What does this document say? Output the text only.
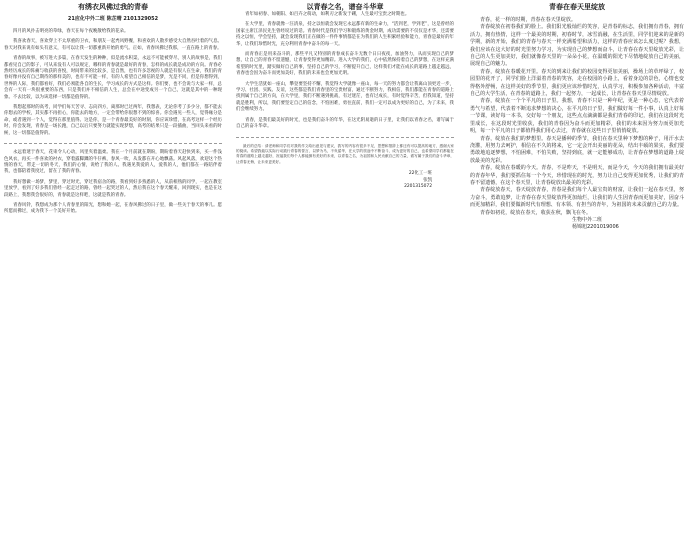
有绣衣风佛过我的青春
21应化中外二班 陈芷晴 2101329052

四月的风扑击明亮的草绿，春天在每个夜晚散给我的花朵。

我喜欢春天，喜欢穿上不太厚重的卫衣，和朋友一起秃风野餐，和喜欢的人散步感受大自然吞吐着的气息。春天对我来说有如头有意义，有可以让我一切都重新开始的勇气。正如，青春风佛过我那，一直在路上的青春。

青春的故事，被写进大多篇，在春天发生的种种，似是流水积渠，永远不可能被穿尽，别人的故事是，我们都看见自己的影子，可从来没有人可以规定，哪样的青春就是最好的青春，怎样的成长就是成功的方向。青春必然经历成长的阵痛与收获的喜悦，时间带来的比较多，是自然，也有许多忽视的人就是有很人在生命，我们的青春好像并没有自己期待的那样美的，也有不可能一样，有的人希望自己相信的是梦，光是不同，但是你想得到，世界的人际，我们都看好，我们必须能各自的生长，学习成长的方式是这样。你们要，也不会说与大家一样，总会有一天有一块很重要的东西，只是我们并不相信的人生，总会在中途变成另一个自己，这就是其中的一种现象。不去比较，以为该选择一切都是值得的。

我想起那时的高考，同学们每天苦寻、志向四方，离那时已过两年，我想表，无论你考了多少分，都不能去你想去的学校，其实都不再担心，你能去的地方，一定会带给你很想不到的惊喜。你会遇见一些人，觉得缘分是命，或者遇到一个人，觉得在那里值得。这是你，是一个青春最美好的时刻，你应该珍惜，在高考这样一个经历时，你会发现，青春是一场长跑，自己以后只要努力就能实现梦想，高考的结果只是一段插曲，当回头来看的时候，这一切都是值得的。

永远着迷于春天，花束令人心动，风里夹着温柔。我在一个月前就在期盼，期盼着春天赶快到来，买一件浅色风衣，再买一件喜欢的衬衣，穿着露脚踝的牛仔裤，春风一吹，从发都在开心地飘荡。风起风落，欢迎这个热情的春天，带走一切的冬天，我们的心情，说给了我的人。我遇见我爱的人，爱我的人，他们都在一路陪伴着我，也都陪着我度过，留在了我的青春。

我好想做一场梦，梦里，穿过时光，穿过我宿舍的路，我看到好多熟悉的人，从前相熟的同学，一起在教室里放学，看到了好多我们曾经一起走过的路，曾经一起哭过的人，然后我在这个春天醒来，回到现实，也是在这段路上，我想我会很好的，青春就是这样吧，这就是我的青春。

青春风铃，我想成为那个人青春里的阳光，想和她一起，在春风佛过的日子里，做一些关于春天的事儿。愿所愿而佛过，成为我下一个美好开始。

以青春之名，谱奋斗华章

青年如初春、如朝阳、如百卉之萌动，如利刃之新发于硎，人生最可宝贵之时期也。

在大学里，青春就像一汪清泉，持之以恒就会发现它永远都有新的生命力，“活到老，学到老”，这是曾经的国家主席江泽民先生曾经说过的话。青春时代是我们学习和锻炼的黄金时期，成功需要的不仅仅是才华，还需要持之以恒，学会坚持，就会发现我们正在做的一件件事情都是在为我们的人生积累经验和能力，青春是最好的年华，让我们珍惜时光，充分利用青春中奋斗的每一天。

而青春正是用来奋斗的，那些平凡又特别的青春成长奋斗无数个日日夜夜，加油努力，从而实现自己的梦想，让自己的青春不留遗憾，让青春变得更加精彩。进入大学的我们，心中依然保持着自己的梦想，在这样充满希望的时光里，踏实做好自己的事，坚持自己的学习，不断提升自己，这样我们才能在成长的道路上越走越远，青春也会因为奋斗而更加美好，我们的未来也会更加光明。

大学生活犹如一座山，攀登要坚持不懈，我觉得大学就像一座山，每一天的努力都会让我离山顶更近一步，学习、社团、实践、友谊，这些都是我们青春里的宝贵财富，通过不断努力，我相信，我们都能在青春的道路上找到属于自己的方向，在大学里，我们不断遇到挑战，有过迷茫，也有过成长，有时觉得辛苦，但我知道，坚持就是胜利，所以，我们要坚定自己的信念，不怕困难，勇往直前，我们一定可以成为更好的自己，为了未来，我们会继续努力。

青春，是我们最美好的时光，也是我们奋斗的年华，在这光阴易逝的日子里，让我们以青春之名，谱写属于自己的奋斗华章。

最后的总结：请老师和同学们对我的作文给出意见与建议，我写的内容有很多不足，思想和措辞上都还有可以提高的地方，感谢大家的阅读。希望我能以实际行动践行青春的誓言，以梦为马，不负韶华，在大学的旅途中不断奋斗，成为更好的自己，也希望同学们都能在青春的道路上越走越好，祝福我们每个人都能拥有美好的未来，以青春之名，为祖国和人民贡献自己的力量，谱写属于我们的奋斗华章，让青春无悔，让未来更美好。

22化工一班
张凯
2201315072
青春在春天里绽放

青春，花一样的时期，青春在春天里绽放。

青春绽放在初春我们的脸上。我们阳光般灿烂的笑容，是青春的标志，我们拥有青春，拥有活力，拥有热情，这样一个最美的时期，初春时节，冰雪消融，在生活里，同学们迎来的是新的学期，新的开始，我们的青春与春天一样充满希望和活力，这样的青春应该怎么度过呢？我想，我们应该在这大好的时光里努力学习，为实现自己的梦想而奋斗，让青春在春天里绽放光彩，让自己的人生更加美好，我们就像春天里的一朵朵小花，在温暖的阳光下尽情地绽放自己的美丽，展现自己的魅力。

青春，绽放在春暖花开里。春天的到来让我们的校园变得更加美丽，操场上的草坪绿了，校园里的花开了，同学们脸上洋溢着青春的笑容，走在校园的小路上，看着身边的景色，心情也变得格外舒畅，在这样美好的季节里，我们更应该珍惜时光，认真学习，积极参加各种活动，丰富自己的大学生活，在青春的道路上，我们一起努力，一起成长，让青春在春天里尽情绽放。

青春，绽放在一个个平凡的日子里。我想，青春不只是一种年纪，更是一种心态，它代表着勇气与希望，代表着不断追求梦想的决心，在平凡的日子里，我们做好每一件小事，认真上好每一节课，读好每一本书，交好每一个朋友，这些点点滴滴都是我们青春的印记，我们在这段时光里成长，在这段时光里收获，我们的青春因为奋斗而更加精彩，我们的未来因为努力而更加光明，每一个平凡的日子都值得我们用心去过，青春就在这些日子里悄悄绽放。

青春，绽放在我们的梦想里。春天是播种的季节，我们在春天里种下梦想的种子，用汗水去浇灌，用努力去呵护，相信在不久的将来，它一定会开出美丽的花朵，结出丰硕的果实，我们要勇敢地追逐梦想，不怕困难，不怕失败，坚持到底，就一定能够成功，让青春在梦想的道路上绽放最美的光彩。

青春，绽放在春暖的今天。青春，不是昨天，不是明天，而是今天，今天的我们拥有最美好的青春年华，我们要抓住每一个今天，珍惜现在的时光，努力让自己变得更加优秀，让我们的青春不留遗憾，在这个春天里，让青春绽放出最美的光彩。

青春绽放春天，春天绽放青春，青春是我们每个人最宝贵的财富，让我们一起在春天里，努力奋斗，勇敢追梦，让青春在春天里绽放得更加灿烂，让我们的人生因青春而更加美好，因奋斗而更加精彩，我们要做新时代有理想、有本领、有担当的青年，为祖国的未来贡献自己的力量。

青春如初花，绽放在春天，收获在秋，飘飞在冬。

生物中外二班
杨锦旭2201019006
